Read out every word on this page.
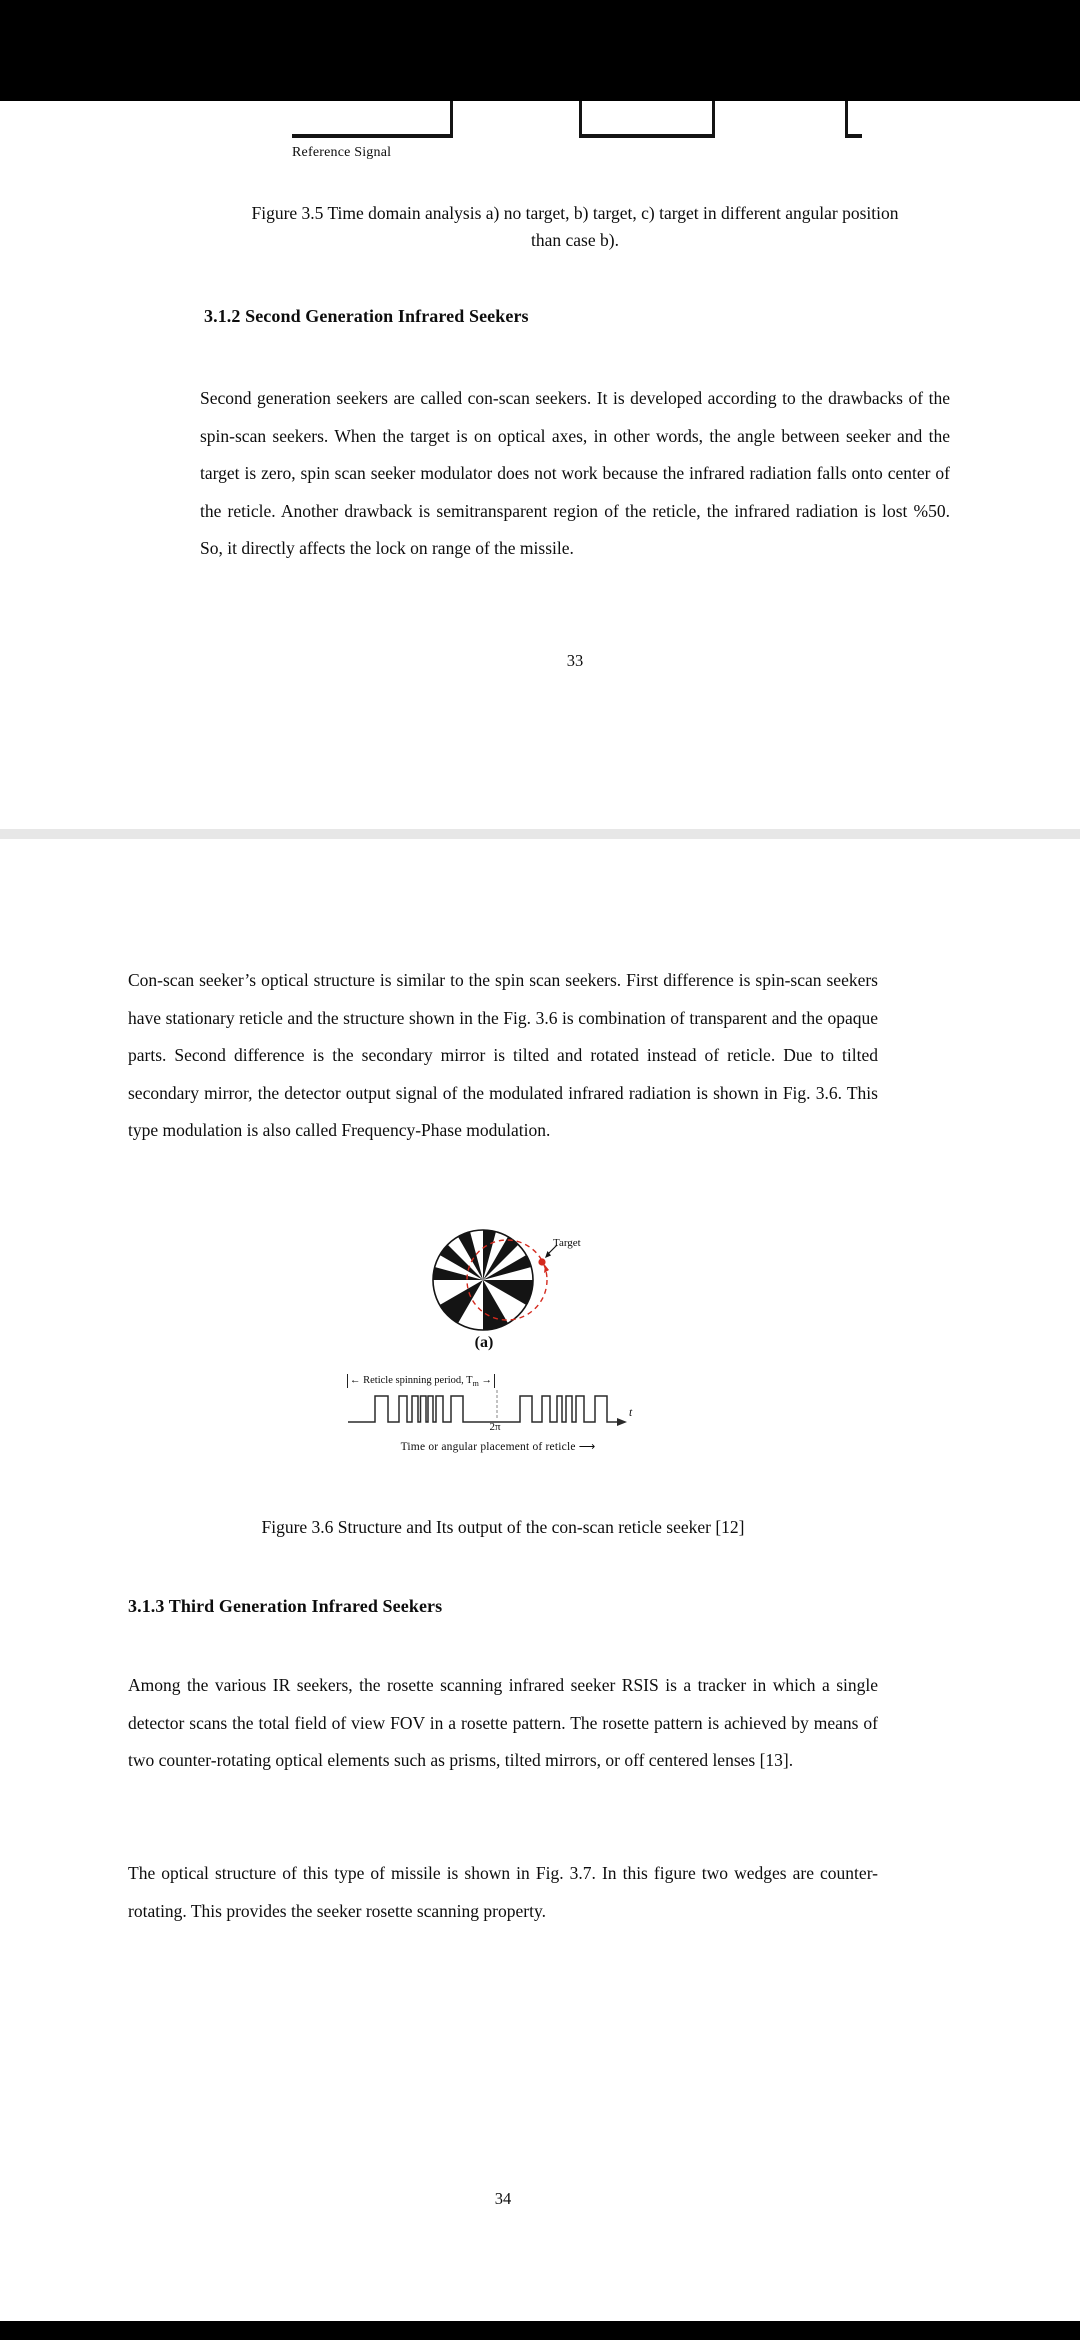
Reference Signal
Figure 3.5 Time domain analysis a) no target, b) target, c) target in different angular position than case b).
3.1.2 Second Generation Infrared Seekers
Second generation seekers are called con-scan seekers. It is developed according to the drawbacks of the spin-scan seekers. When the target is on optical axes, in other words, the angle between seeker and the target is zero, spin scan seeker modulator does not work because the infrared radiation falls onto center of the reticle. Another drawback is semitransparent region of the reticle, the infrared radiation is lost %50. So, it directly affects the lock on range of the missile.
33
Con-scan seeker’s optical structure is similar to the spin scan seekers. First difference is spin-scan seekers have stationary reticle and the structure shown in the Fig. 3.6 is combination of transparent and the opaque parts. Second difference is the secondary mirror is tilted and rotated instead of reticle. Due to tilted secondary mirror, the detector output signal of the modulated infrared radiation is shown in Fig. 3.6. This type modulation is also called Frequency-Phase modulation.
Target
(a)
← Reticle spinning period, $T_m$ →
t
2π
Time or angular placement of reticle ⟶
Figure 3.6 Structure and Its output of the con-scan reticle seeker [12]
3.1.3 Third Generation Infrared Seekers
Among the various IR seekers, the rosette scanning infrared seeker RSIS is a tracker in which a single detector scans the total field of view FOV in a rosette pattern. The rosette pattern is achieved by means of two counter-rotating optical elements such as prisms, tilted mirrors, or off centered lenses [13].
The optical structure of this type of missile is shown in Fig. 3.7. In this figure two wedges are counter-rotating. This provides the seeker rosette scanning property.
34
